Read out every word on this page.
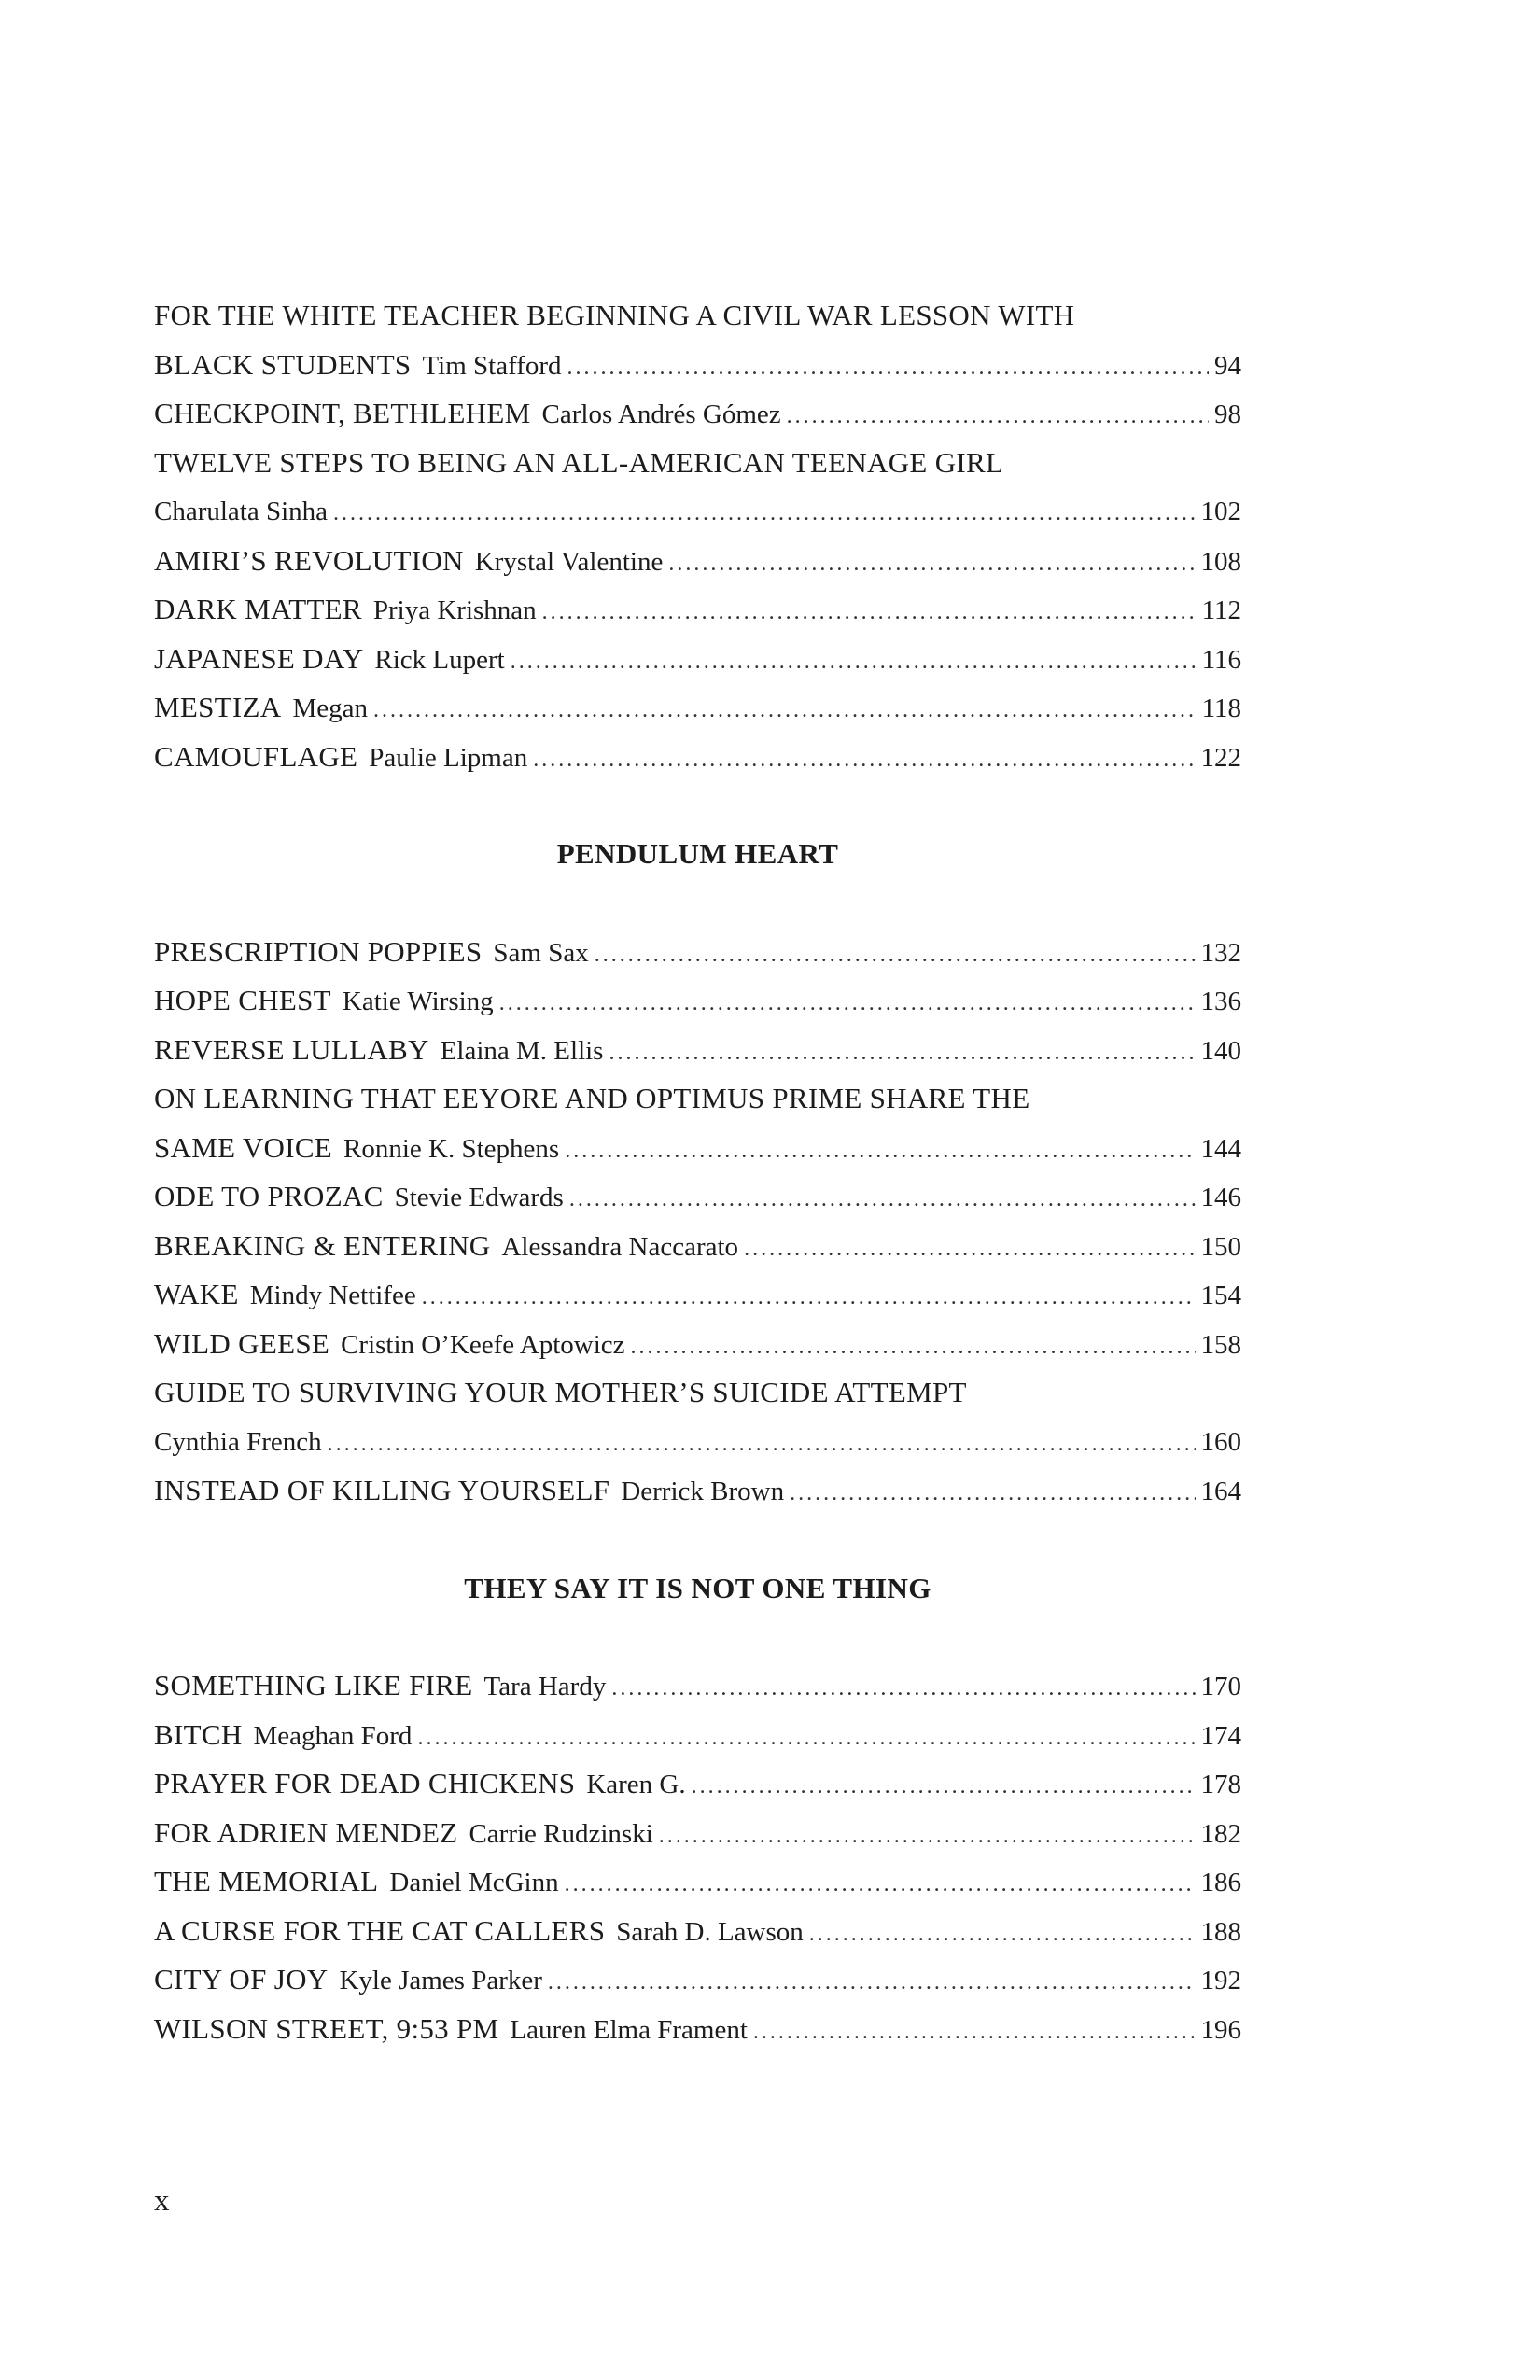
FOR THE WHITE TEACHER BEGINNING A CIVIL WAR LESSON WITH
BLACK STUDENTS Tim Stafford .....	94
CHECKPOINT, BETHLEHEM Carlos Andrés Gómez .....	98
TWELVE STEPS TO BEING AN ALL-AMERICAN TEENAGE GIRL
Charulata Sinha .....	102
AMIRI’S REVOLUTION Krystal Valentine .....	108
DARK MATTER Priya Krishnan .....	112
JAPANESE DAY Rick Lupert .....	116
MESTIZA Megan .....	118
CAMOUFLAGE Paulie Lipman .....	122
PENDULUM HEART
PRESCRIPTION POPPIES Sam Sax .....	132
HOPE CHEST Katie Wirsing .....	136
REVERSE LULLABY Elaina M. Ellis .....	140
ON LEARNING THAT EEYORE AND OPTIMUS PRIME SHARE THE
SAME VOICE Ronnie K. Stephens .....	144
ODE TO PROZAC Stevie Edwards .....	146
BREAKING & ENTERING Alessandra Naccarato .....	150
WAKE Mindy Nettifee .....	154
WILD GEESE Cristin O’Keefe Aptowicz .....	158
GUIDE TO SURVIVING YOUR MOTHER’S SUICIDE ATTEMPT
Cynthia French .....	160
INSTEAD OF KILLING YOURSELF Derrick Brown .....	164
THEY SAY IT IS NOT ONE THING
SOMETHING LIKE FIRE Tara Hardy .....	170
BITCH Meaghan Ford .....	174
PRAYER FOR DEAD CHICKENS Karen G. .....	178
FOR ADRIEN MENDEZ Carrie Rudzinski .....	182
THE MEMORIAL Daniel McGinn .....	186
A CURSE FOR THE CAT CALLERS Sarah D. Lawson .....	188
CITY OF JOY Kyle James Parker .....	192
WILSON STREET, 9:53 PM Lauren Elma Frament .....	196
x
